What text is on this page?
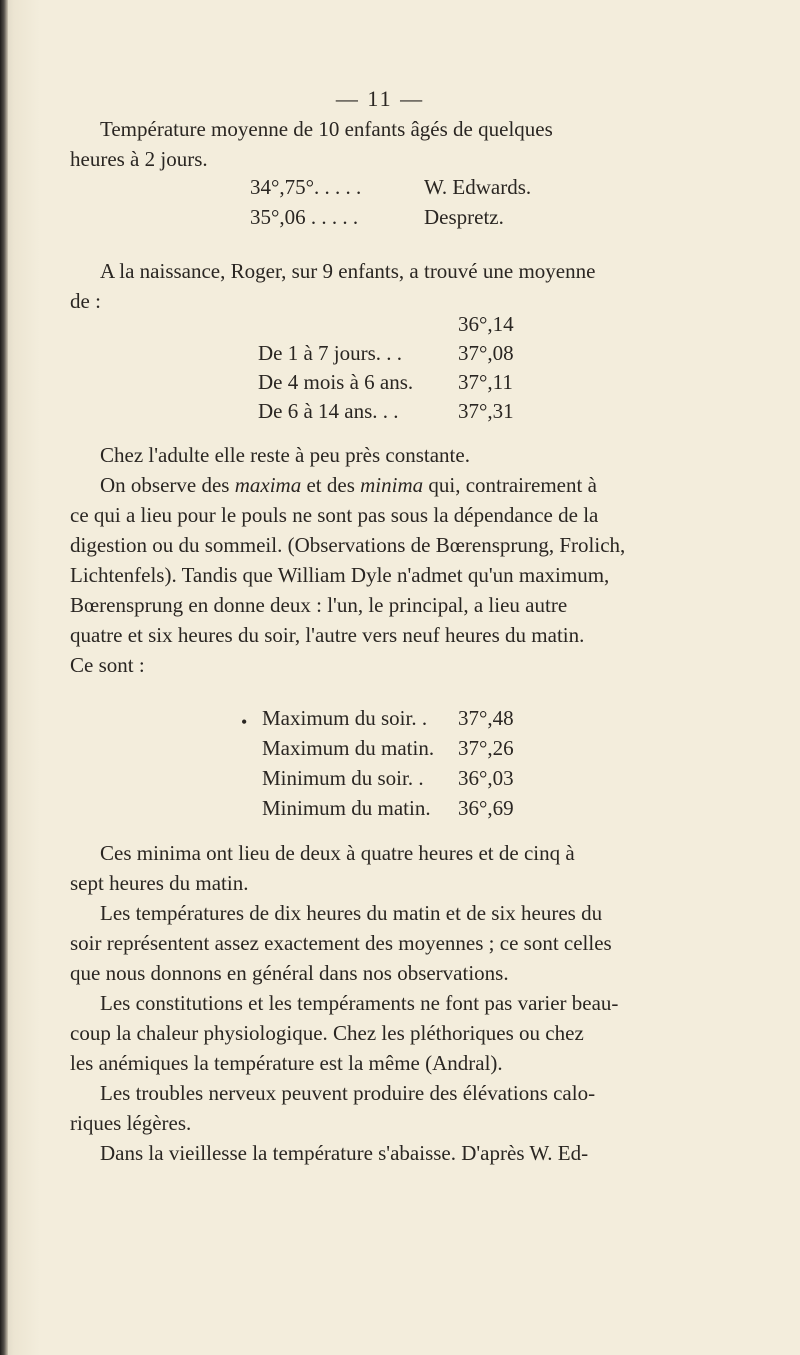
— 11 —
Température moyenne de 10 enfants âgés de quelques
heures à 2 jours.
34°,75°. . . . .	W. Edwards.
35°,06 . . . . .	Despretz.
A la naissance, Roger, sur 9 enfants, a trouvé une moyenne
de :
36°,14
De 1 à 7 jours. . .	37°,08
De 4 mois à 6 ans. 37°,11
De 6 à 14 ans. . .	37°,31
Chez l'adulte elle reste à peu près constante.
On observe des maxima et des minima qui, contrairement à
ce qui a lieu pour le pouls ne sont pas sous la dépendance de la
digestion ou du sommeil. (Observations de Bœrensprung, Frolich,
Lichtenfels). Tandis que William Dyle n'admet qu'un maximum,
Bœrensprung en donne deux : l'un, le principal, a lieu autre
quatre et six heures du soir, l'autre vers neuf heures du matin.
Ce sont :
• Maximum du soir. . 37°,48
Maximum du matin. 37°,26
Minimum du soir. . 36°,03
Minimum du matin. 36°,69
Ces minima ont lieu de deux à quatre heures et de cinq à
sept heures du matin.
Les températures de dix heures du matin et de six heures du
soir représentent assez exactement des moyennes ; ce sont celles
que nous donnons en général dans nos observations.
Les constitutions et les tempéraments ne font pas varier beau-
coup la chaleur physiologique. Chez les pléthoriques ou chez
les anémiques la température est la même (Andral).
Les troubles nerveux peuvent produire des élévations calo-
riques légères.
Dans la vieillesse la température s'abaisse. D'après W. Ed-
